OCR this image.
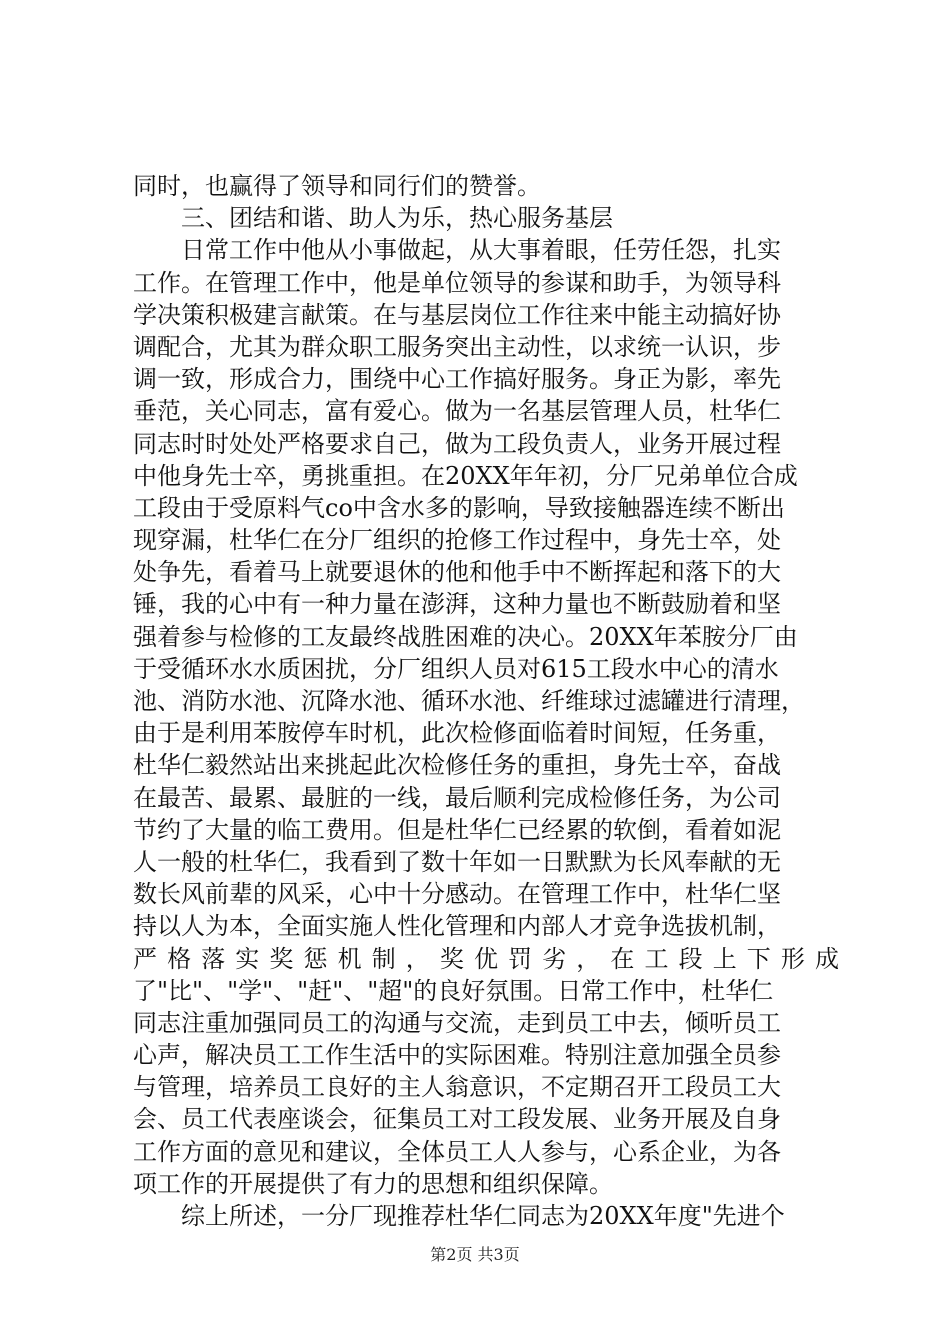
同时，也赢得了领导和同行们的赞誉。
　　三、团结和谐、助人为乐，热心服务基层
　　日常工作中他从小事做起，从大事着眼，任劳任怨，扎实
工作。在管理工作中，他是单位领导的参谋和助手，为领导科
学决策积极建言献策。在与基层岗位工作往来中能主动搞好协
调配合，尤其为群众职工服务突出主动性，以求统一认识，步
调一致，形成合力，围绕中心工作搞好服务。身正为影，率先
垂范，关心同志，富有爱心。做为一名基层管理人员，杜华仁
同志时时处处严格要求自己，做为工段负责人，业务开展过程
中他身先士卒，勇挑重担。在20XX年年初，分厂兄弟单位合成
工段由于受原料气co中含水多的影响，导致接触器连续不断出
现穿漏，杜华仁在分厂组织的抢修工作过程中，身先士卒，处
处争先，看着马上就要退休的他和他手中不断挥起和落下的大
锤，我的心中有一种力量在澎湃，这种力量也不断鼓励着和坚
强着参与检修的工友最终战胜困难的决心。20XX年苯胺分厂由
于受循环水水质困扰，分厂组织人员对615工段水中心的清水
池、消防水池、沉降水池、循环水池、纤维球过滤罐进行清理，
由于是利用苯胺停车时机，此次检修面临着时间短，任务重，
杜华仁毅然站出来挑起此次检修任务的重担，身先士卒，奋战
在最苦、最累、最脏的一线，最后顺利完成检修任务，为公司
节约了大量的临工费用。但是杜华仁已经累的软倒，看着如泥
人一般的杜华仁，我看到了数十年如一日默默为长风奉献的无
数长风前辈的风采，心中十分感动。在管理工作中，杜华仁坚
持以人为本，全面实施人性化管理和内部人才竞争选拔机制，
严格落实奖惩机制，奖优罚劣，在工段上下形成
了"比"、"学"、"赶"、"超"的良好氛围。日常工作中，杜华仁
同志注重加强同员工的沟通与交流，走到员工中去，倾听员工
心声，解决员工工作生活中的实际困难。特别注意加强全员参
与管理，培养员工良好的主人翁意识，不定期召开工段员工大
会、员工代表座谈会，征集员工对工段发展、业务开展及自身
工作方面的意见和建议，全体员工人人参与，心系企业，为各
项工作的开展提供了有力的思想和组织保障。
　　综上所述，一分厂现推荐杜华仁同志为20XX年度"先进个
第2页 共3页
